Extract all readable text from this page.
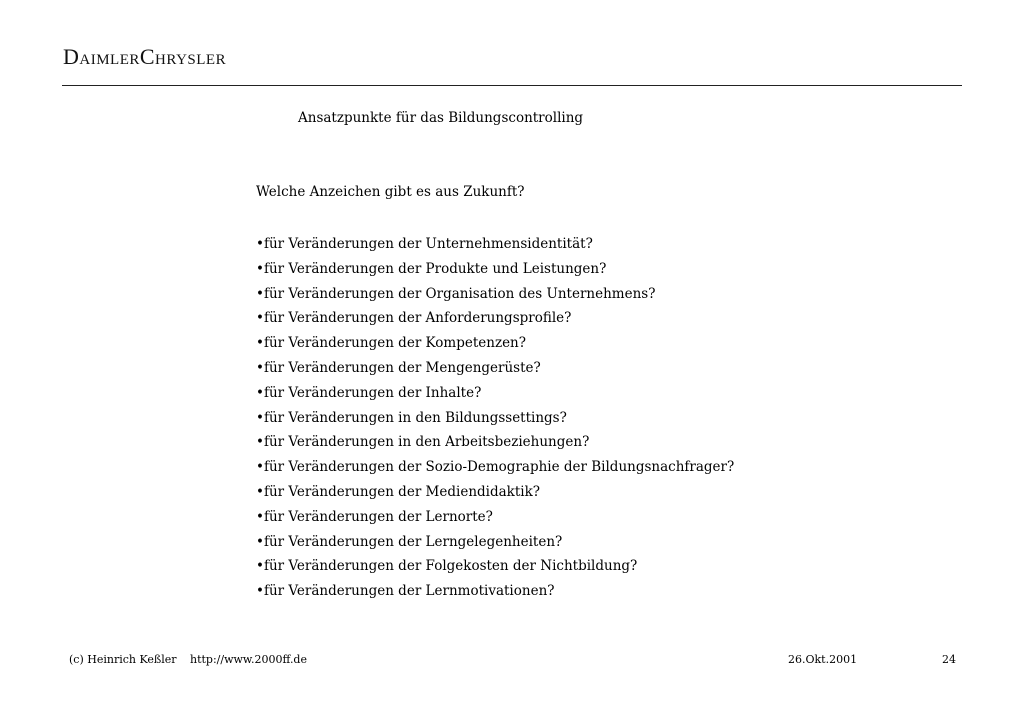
DaimlerChrysler
Ansatzpunkte für das Bildungscontrolling
Welche Anzeichen gibt es aus Zukunft?
•für Veränderungen der Unternehmensidentität?
•für Veränderungen der Produkte und Leistungen?
•für Veränderungen der Organisation des Unternehmens?
•für Veränderungen der Anforderungsprofile?
•für Veränderungen der Kompetenzen?
•für Veränderungen der Mengengerüste?
•für Veränderungen der Inhalte?
•für Veränderungen in den Bildungssettings?
•für Veränderungen in den Arbeitsbeziehungen?
•für Veränderungen der Sozio-Demographie der Bildungsnachfrager?
•für Veränderungen der Mediendidaktik?
•für Veränderungen der Lernorte?
•für Veränderungen der Lerngelegenheiten?
•für Veränderungen der Folgekosten der Nichtbildung?
•für Veränderungen der Lernmotivationen?
(c) Heinrich Keßler http://www.2000ff.de	26.Okt.2001	24
